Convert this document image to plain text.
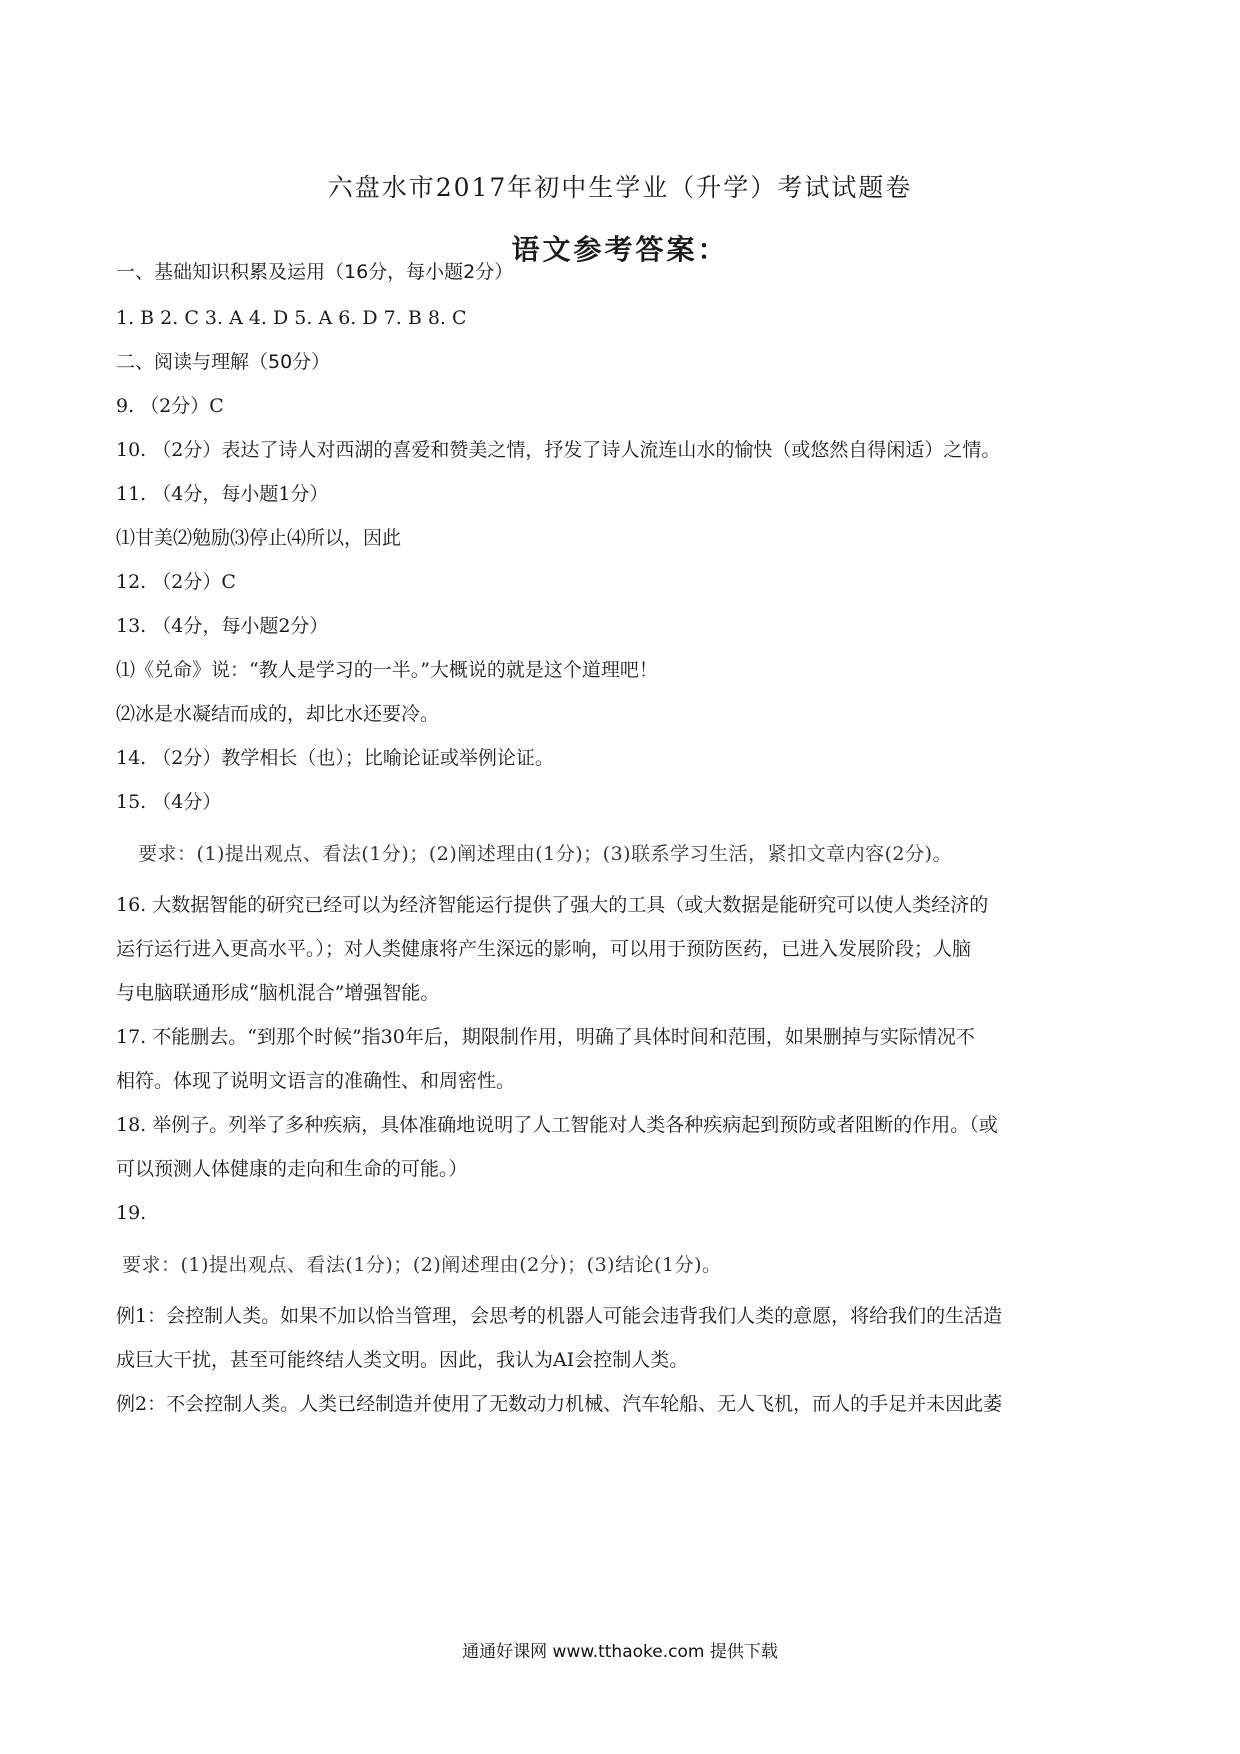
六盘水市2017年初中生学业（升学）考试试题卷
语文参考答案：
一、基础知识积累及运用（16分，每小题2分）
1. B 2. C 3. A 4. D 5. A 6. D 7. B 8. C
二、阅读与理解（50分）
9. （2分）C
10. （2分）表达了诗人对西湖的喜爱和赞美之情，抒发了诗人流连山水的愉快（或悠然自得闲适）之情。
11. （4分，每小题1分）
⑴甘美⑵勉励⑶停止⑷所以，因此
12. （2分）C
13. （4分，每小题2分）
⑴《兑命》说：“教人是学习的一半。”大概说的就是这个道理吧！
⑵冰是水凝结而成的，却比水还要冷。
14. （2分）教学相长（也）；比喻论证或举例论证。
15. （4分）
要求：(1)提出观点、看法(1分)；(2)阐述理由(1分)；(3)联系学习生活，紧扣文章内容(2分)。
16. 大数据智能的研究已经可以为经济智能运行提供了强大的工具（或大数据是能研究可以使人类经济的
运行运行进入更高水平。）；对人类健康将产生深远的影响，可以用于预防医药，已进入发展阶段；人脑
与电脑联通形成“脑机混合”增强智能。
17. 不能删去。“到那个时候”指30年后，期限制作用，明确了具体时间和范围，如果删掉与实际情况不
相符。体现了说明文语言的准确性、和周密性。
18. 举例子。列举了多种疾病，具体准确地说明了人工智能对人类各种疾病起到预防或者阻断的作用。（或
可以预测人体健康的走向和生命的可能。）
19.
要求：(1)提出观点、看法(1分)；(2)阐述理由(2分)；(3)结论(1分)。
例1：会控制人类。如果不加以恰当管理，会思考的机器人可能会违背我们人类的意愿，将给我们的生活造
成巨大干扰，甚至可能终结人类文明。因此，我认为AI会控制人类。
例2：不会控制人类。人类已经制造并使用了无数动力机械、汽车轮船、无人飞机，而人的手足并未因此萎
通通好课网 www.tthaoke.com 提供下载
